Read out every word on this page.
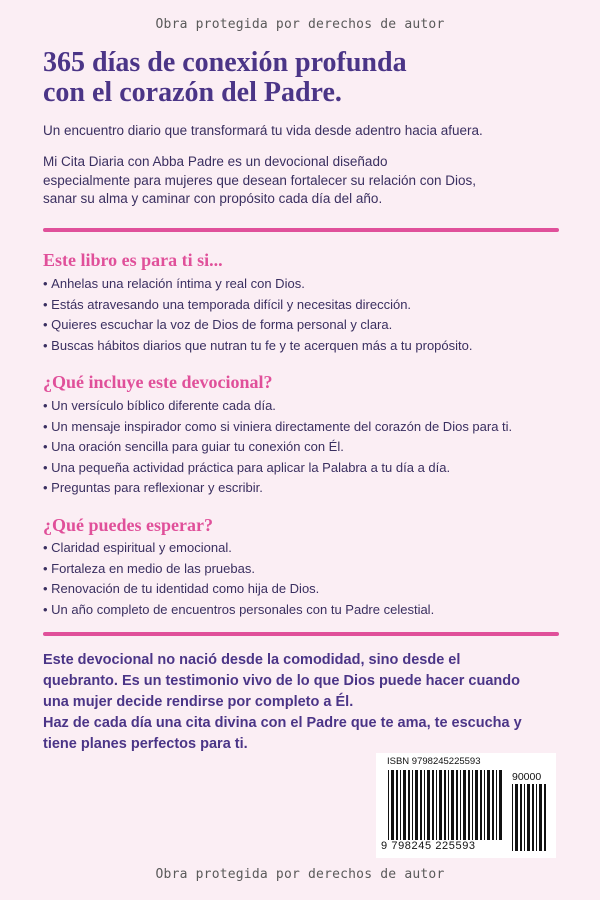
Obra protegida por derechos de autor
365 días de conexión profunda
con el corazón del Padre.
Un encuentro diario que transformará tu vida desde adentro hacia afuera.
Mi Cita Diaria con Abba Padre es un devocional diseñado
especialmente para mujeres que desean fortalecer su relación con Dios,
sanar su alma y caminar con propósito cada día del año.
Este libro es para ti si...
• Anhelas una relación íntima y real con Dios.
• Estás atravesando una temporada difícil y necesitas dirección.
• Quieres escuchar la voz de Dios de forma personal y clara.
• Buscas hábitos diarios que nutran tu fe y te acerquen más a tu propósito.
¿Qué incluye este devocional?
• Un versículo bíblico diferente cada día.
• Un mensaje inspirador como si viniera directamente del corazón de Dios para ti.
• Una oración sencilla para guiar tu conexión con Él.
• Una pequeña actividad práctica para aplicar la Palabra a tu día a día.
• Preguntas para reflexionar y escribir.
¿Qué puedes esperar?
• Claridad espiritual y emocional.
• Fortaleza en medio de las pruebas.
• Renovación de tu identidad como hija de Dios.
• Un año completo de encuentros personales con tu Padre celestial.
Este devocional no nació desde la comodidad, sino desde el
quebranto. Es un testimonio vivo de lo que Dios puede hacer cuando
una mujer decide rendirse por completo a Él.
Haz de cada día una cita divina con el Padre que te ama, te escucha y
tiene planes perfectos para ti.
ISBN 9798245225593
90000
9 798245 225593
Obra protegida por derechos de autor
